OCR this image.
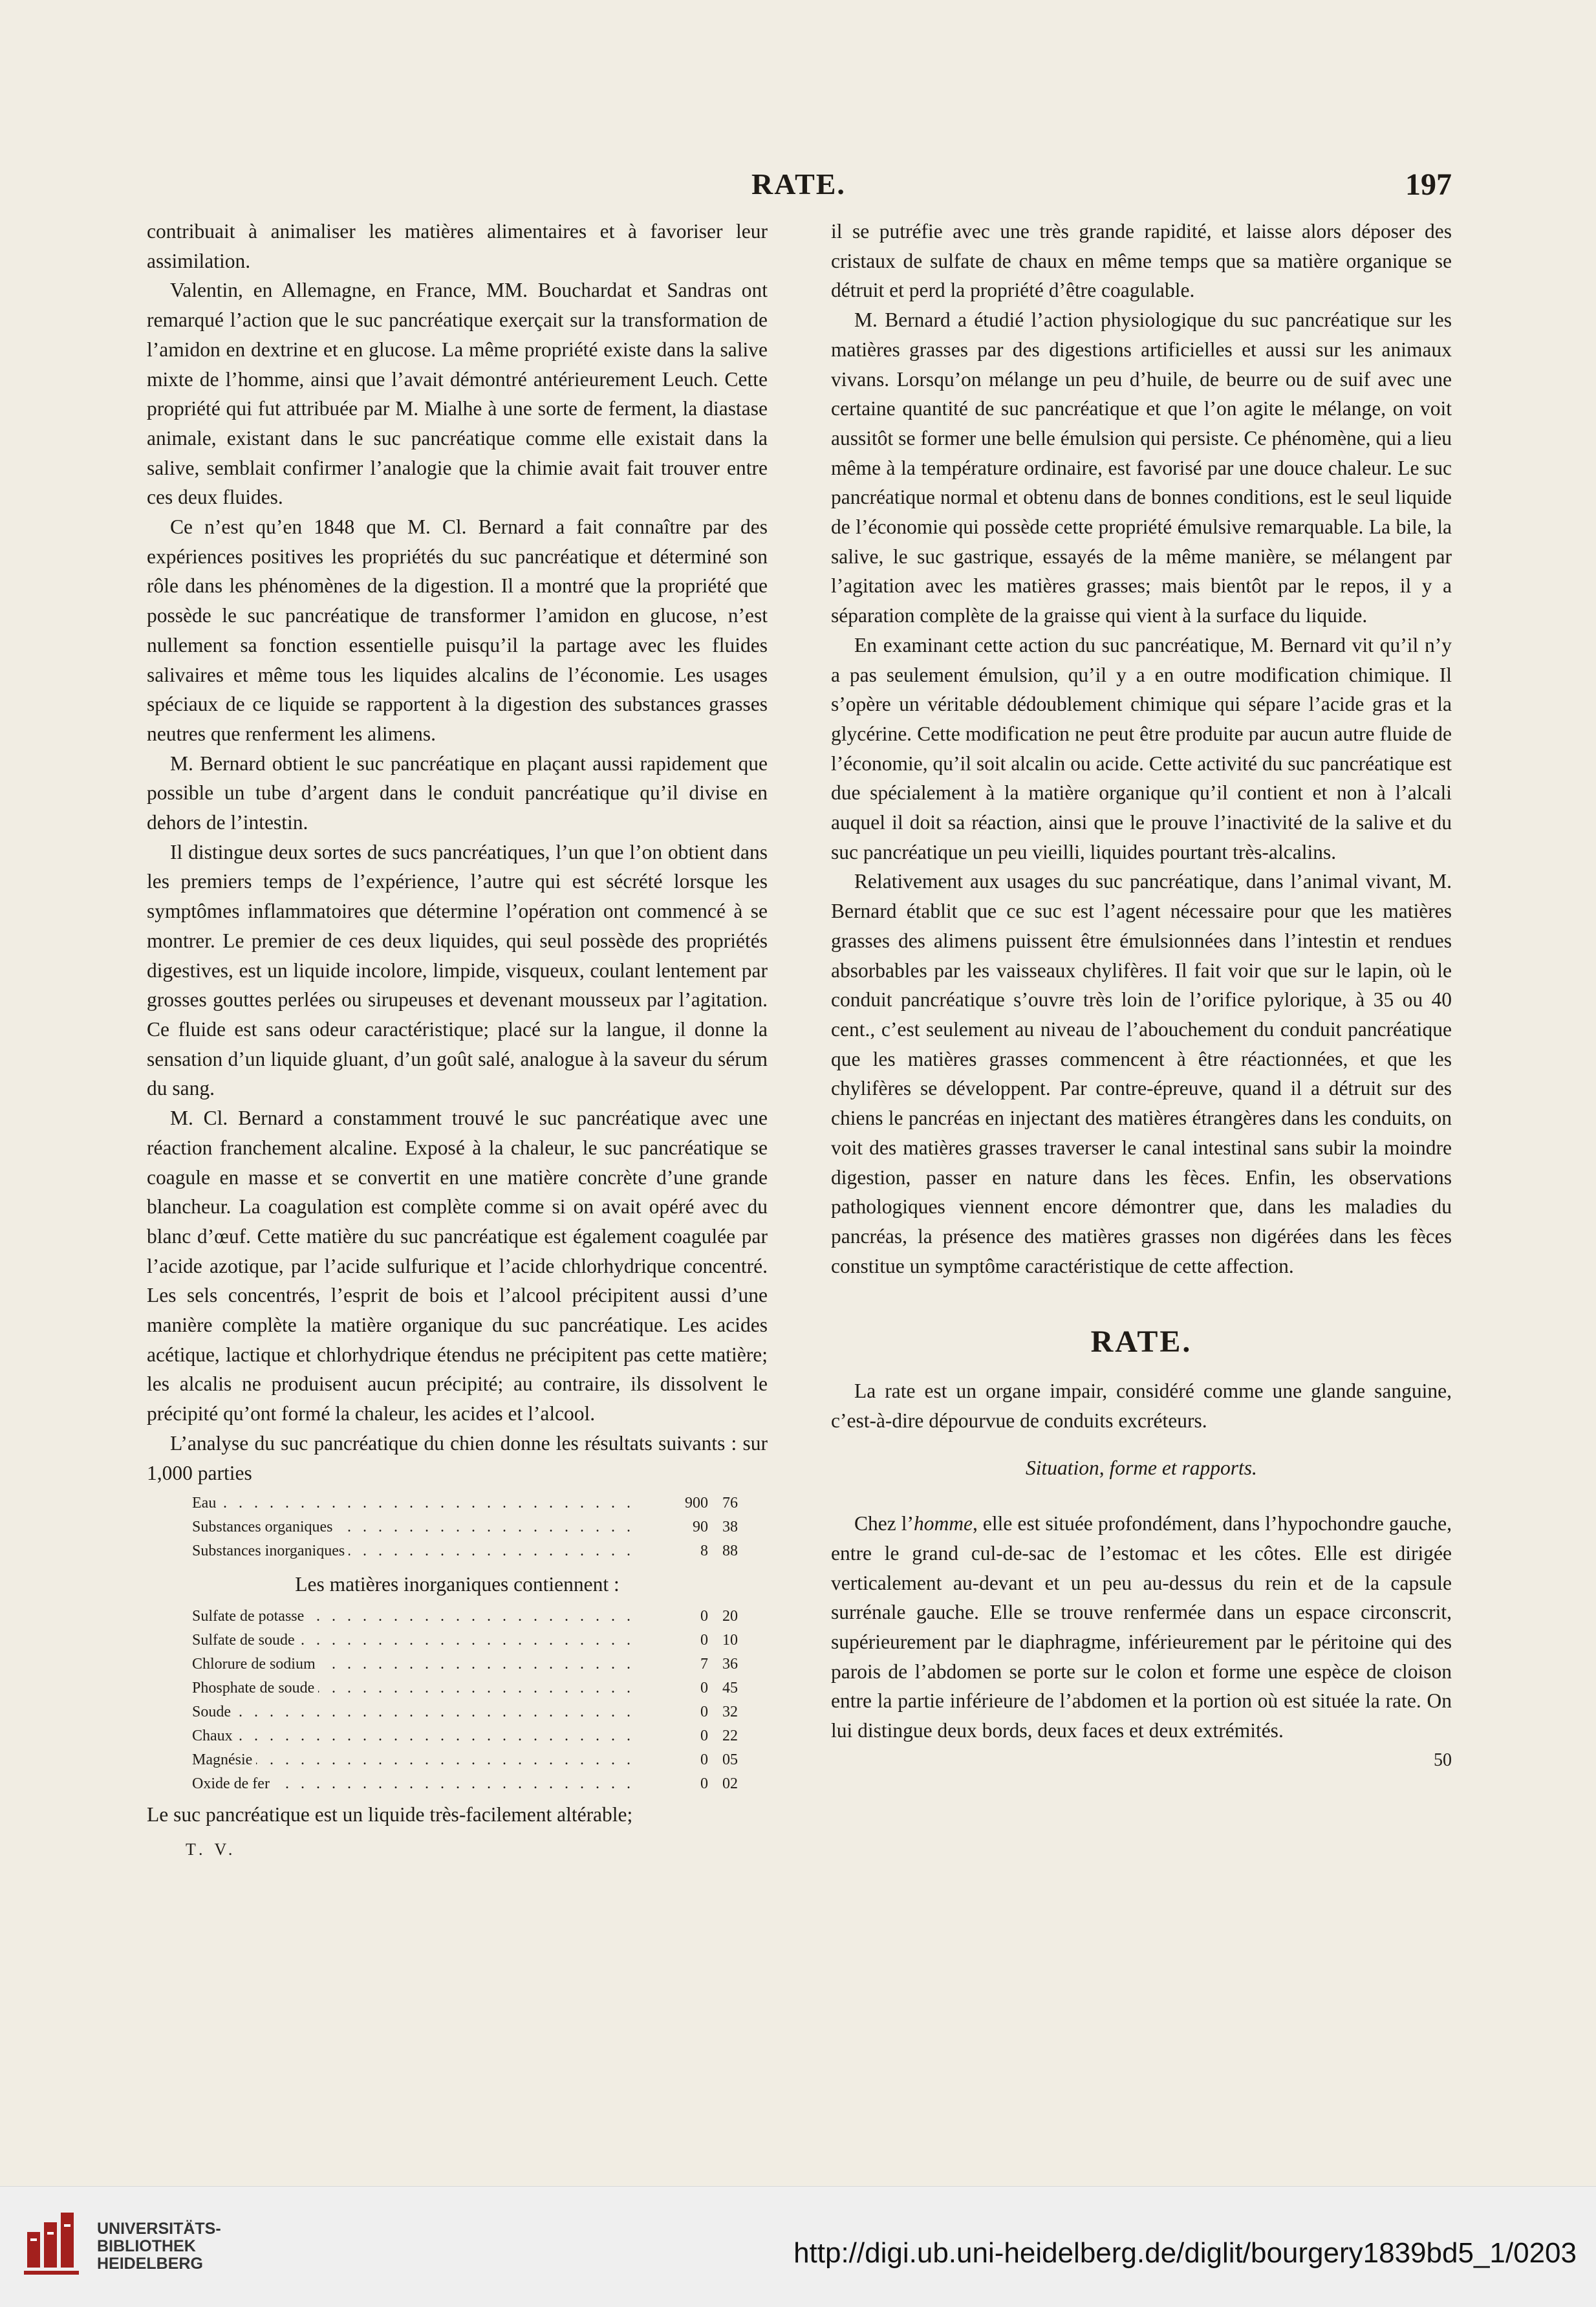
RATE.	197

contribuait à animaliser les matières alimentaires et à favoriser leur assimilation.

Valentin, en Allemagne, en France, MM. Bouchardat et Sandras ont remarqué l’action que le suc pancréatique exerçait sur la transformation de l’amidon en dextrine et en glucose. La même propriété existe dans la salive mixte de l’homme, ainsi que l’avait démontré antérieurement Leuch. Cette propriété qui fut attribuée par M. Mialhe à une sorte de ferment, la diastase animale, existant dans le suc pancréatique comme elle existait dans la salive, semblait confirmer l’analogie que la chimie avait fait trouver entre ces deux fluides.

Ce n’est qu’en 1848 que M. Cl. Bernard a fait connaître par des expériences positives les propriétés du suc pancréatique et déterminé son rôle dans les phénomènes de la digestion. Il a montré que la propriété que possède le suc pancréatique de transformer l’amidon en glucose, n’est nullement sa fonction essentielle puisqu’il la partage avec les fluides salivaires et même tous les liquides alcalins de l’économie. Les usages spéciaux de ce liquide se rapportent à la digestion des substances grasses neutres que renferment les alimens.

M. Bernard obtient le suc pancréatique en plaçant aussi rapidement que possible un tube d’argent dans le conduit pancréatique qu’il divise en dehors de l’intestin.

Il distingue deux sortes de sucs pancréatiques, l’un que l’on obtient dans les premiers temps de l’expérience, l’autre qui est sécrété lorsque les symptômes inflammatoires que détermine l’opération ont commencé à se montrer. Le premier de ces deux liquides, qui seul possède des propriétés digestives, est un liquide incolore, limpide, visqueux, coulant lentement par grosses gouttes perlées ou sirupeuses et devenant mousseux par l’agitation. Ce fluide est sans odeur caractéristique; placé sur la langue, il donne la sensation d’un liquide gluant, d’un goût salé, analogue à la saveur du sérum du sang.

M. Cl. Bernard a constamment trouvé le suc pancréatique avec une réaction franchement alcaline. Exposé à la chaleur, le suc pancréatique se coagule en masse et se convertit en une matière concrète d’une grande blancheur. La coagulation est complète comme si on avait opéré avec du blanc d’œuf. Cette matière du suc pancréatique est également coagulée par l’acide azotique, par l’acide sulfurique et l’acide chlorhydrique concentré. Les sels concentrés, l’esprit de bois et l’alcool précipitent aussi d’une manière complète la matière organique du suc pancréatique. Les acides acétique, lactique et chlorhydrique étendus ne précipitent pas cette matière; les alcalis ne produisent aucun précipité; au contraire, ils dissolvent le précipité qu’ont formé la chaleur, les acides et l’alcool.

L’analyse du suc pancréatique du chien donne les résultats suivants : sur 1,000 parties

Eau . . .	900	76
Substances organiques . . .	90	38
Substances inorganiques . . .	8	88
Les matières inorganiques contiennent :
Sulfate de potasse . . .	0	20
Sulfate de soude . . .	0	10
Chlorure de sodium . . .	7	36
Phosphate de soude . . .	0	45
Soude . . .	0	32
Chaux . . .	0	22
Magnésie . . .	0	05
Oxide de fer . . .	0	02

Le suc pancréatique est un liquide très-facilement altérable;

T. V.

il se putréfie avec une très grande rapidité, et laisse alors déposer des cristaux de sulfate de chaux en même temps que sa matière organique se détruit et perd la propriété d’être coagulable.

M. Bernard a étudié l’action physiologique du suc pancréatique sur les matières grasses par des digestions artificielles et aussi sur les animaux vivans. Lorsqu’on mélange un peu d’huile, de beurre ou de suif avec une certaine quantité de suc pancréatique et que l’on agite le mélange, on voit aussitôt se former une belle émulsion qui persiste. Ce phénomène, qui a lieu même à la température ordinaire, est favorisé par une douce chaleur. Le suc pancréatique normal et obtenu dans de bonnes conditions, est le seul liquide de l’économie qui possède cette propriété émulsive remarquable. La bile, la salive, le suc gastrique, essayés de la même manière, se mélangent par l’agitation avec les matières grasses; mais bientôt par le repos, il y a séparation complète de la graisse qui vient à la surface du liquide.

En examinant cette action du suc pancréatique, M. Bernard vit qu’il n’y a pas seulement émulsion, qu’il y a en outre modification chimique. Il s’opère un véritable dédoublement chimique qui sépare l’acide gras et la glycérine. Cette modification ne peut être produite par aucun autre fluide de l’économie, qu’il soit alcalin ou acide. Cette activité du suc pancréatique est due spécialement à la matière organique qu’il contient et non à l’alcali auquel il doit sa réaction, ainsi que le prouve l’inactivité de la salive et du suc pancréatique un peu vieilli, liquides pourtant très-alcalins.

Relativement aux usages du suc pancréatique, dans l’animal vivant, M. Bernard établit que ce suc est l’agent nécessaire pour que les matières grasses des alimens puissent être émulsionnées dans l’intestin et rendues absorbables par les vaisseaux chylifères. Il fait voir que sur le lapin, où le conduit pancréatique s’ouvre très loin de l’orifice pylorique, à 35 ou 40 cent., c’est seulement au niveau de l’abouchement du conduit pancréatique que les matières grasses commencent à être réactionnées, et que les chylifères se développent. Par contre-épreuve, quand il a détruit sur des chiens le pancréas en injectant des matières étrangères dans les conduits, on voit des matières grasses traverser le canal intestinal sans subir la moindre digestion, passer en nature dans les fèces. Enfin, les observations pathologiques viennent encore démontrer que, dans les maladies du pancréas, la présence des matières grasses non digérées dans les fèces constitue un symptôme caractéristique de cette affection.

RATE.

La rate est un organe impair, considéré comme une glande sanguine, c’est-à-dire dépourvue de conduits excréteurs.

Situation, forme et rapports.

Chez l’homme, elle est située profondément, dans l’hypochondre gauche, entre le grand cul-de-sac de l’estomac et les côtes. Elle est dirigée verticalement au-devant et un peu au-dessus du rein et de la capsule surrénale gauche. Elle se trouve renfermée dans un espace circonscrit, supérieurement par le diaphragme, inférieurement par le péritoine qui des parois de l’abdomen se porte sur le colon et forme une espèce de cloison entre la partie inférieure de l’abdomen et la portion où est située la rate. On lui distingue deux bords, deux faces et deux extrémités.

50
UNIVERSITÄTS-
BIBLIOTHEK
HEIDELBERG	http://digi.ub.uni-heidelberg.de/diglit/bourgery1839bd5_1/0203
